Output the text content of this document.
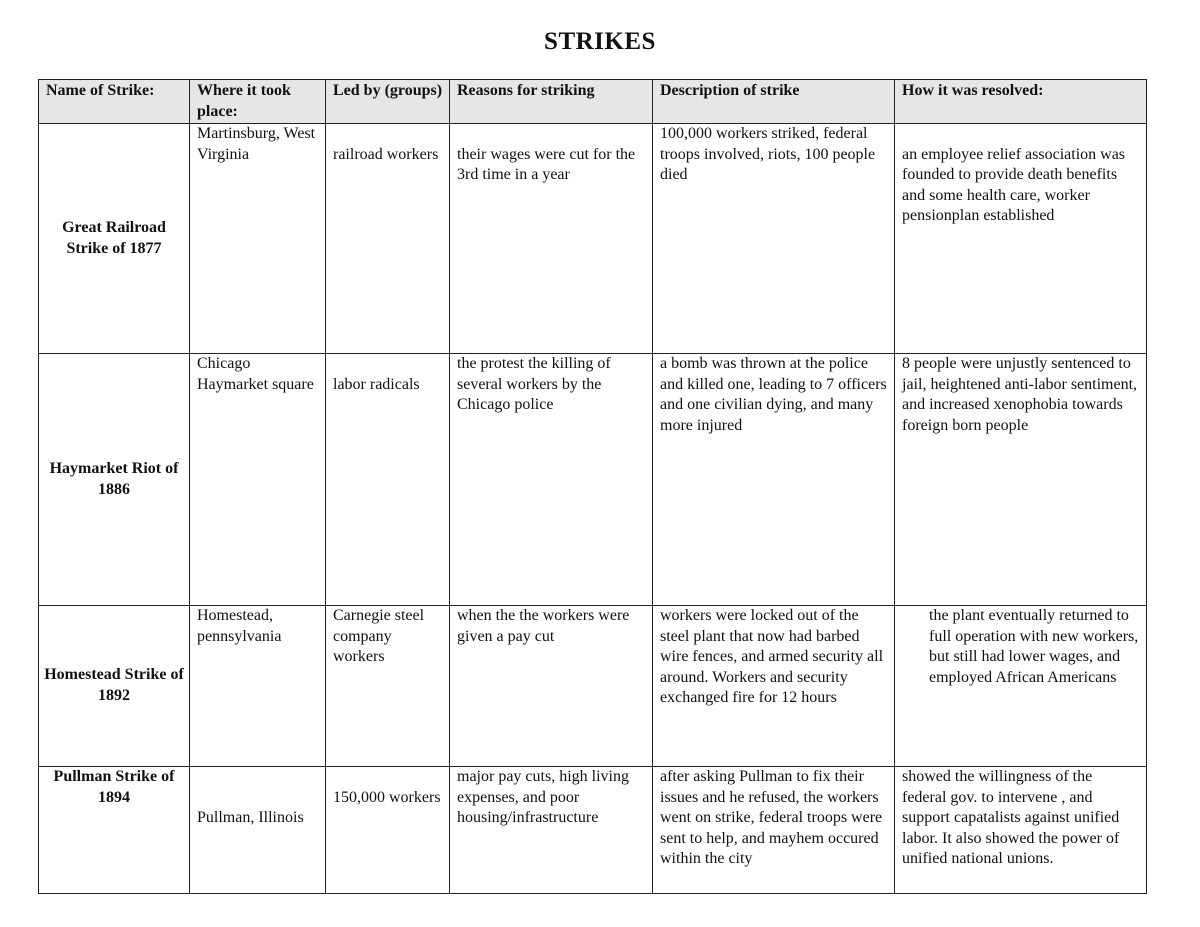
STRIKES
Name of Strike:	Where it took place:	Led by (groups)	Reasons for striking	Description of strike	How it was resolved:
Great Railroad Strike of 1877	Martinsburg, West Virginia	railroad workers	their wages were cut for the 3rd time in a year	100,000 workers striked, federal troops involved, riots, 100 people died	an employee relief association was founded to provide death benefits and some health care, worker pensionplan established

Haymarket Riot of 1886	Chicago Haymarket square	labor radicals	the protest the killing of several workers by the Chicago police	a bomb was thrown at the police and killed one, leading to 7 officers and one civilian dying, and many more injured	8 people were unjustly sentenced to jail, heightened anti-labor sentiment, and increased xenophobia towards foreign born people
Homestead Strike of 1892	Homestead, pennsylvania	Carnegie steel company workers	when the the workers were given a pay cut	workers were locked out of the steel plant that now had barbed wire fences, and armed security all around. Workers and security exchanged fire for 12 hours	the plant eventually returned to full operation with new workers, but still had lower wages, and employed African Americans

Pullman Strike of 1894	Pullman, Illinois	150,000 workers	major pay cuts, high living expenses, and poor housing/infrastructure	after asking Pullman to fix their issues and he refused, the workers went on strike, federal troops were sent to help, and mayhem occured within the city	showed the willingness of the federal gov. to intervene , and support capatalists against unified labor. It also showed the power of unified national unions.
